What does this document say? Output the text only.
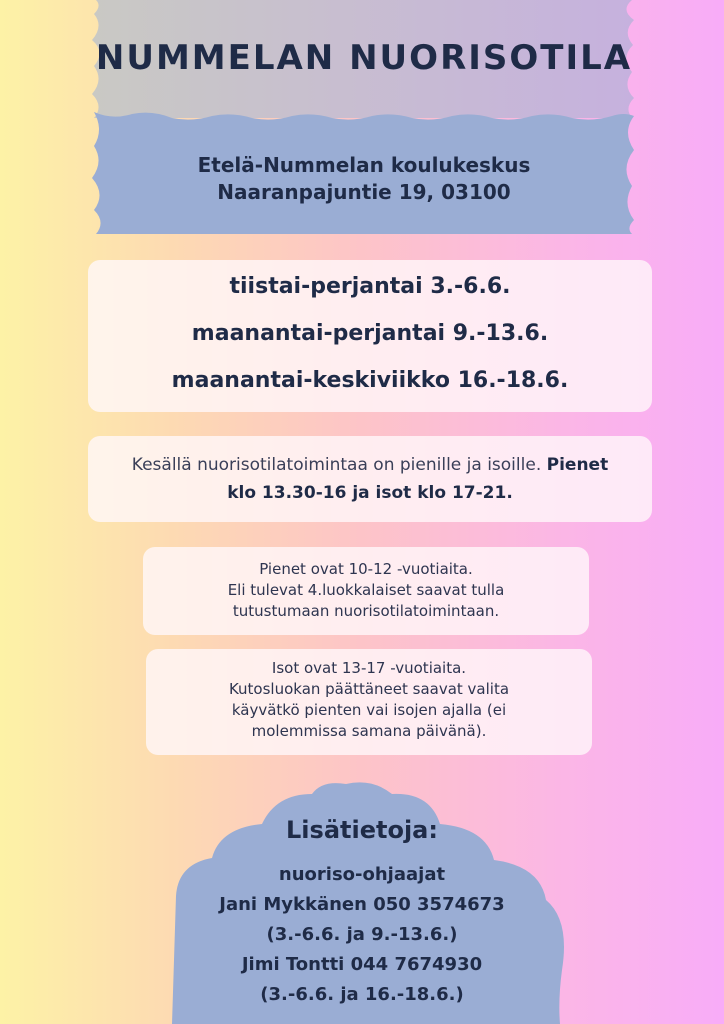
NUMMELAN NUORISOTILA
Etelä-Nummelan koulukeskus
Naaranpajuntie 19, 03100

tiistai-perjantai 3.-6.6.

maanantai-perjantai 9.-13.6.

maanantai-keskiviikko 16.-18.6.

Kesällä nuorisotilatoimintaa on pienille ja isoille. Pienet klo 13.30-16 ja isot klo 17-21.
Pienet ovat 10-12 -vuotiaita.
Eli tulevat 4.luokkalaiset saavat tulla
tutustumaan nuorisotilatoimintaan.
Isot ovat 13-17 -vuotiaita.
Kutosluokan päättäneet saavat valita
käyvätkö pienten vai isojen ajalla (ei
molemmissa samana päivänä).
Lisätietoja:
nuoriso-ohjaajat
Jani Mykkänen 050 3574673
(3.-6.6. ja 9.-13.6.)
Jimi Tontti 044 7674930
(3.-6.6. ja 16.-18.6.)
